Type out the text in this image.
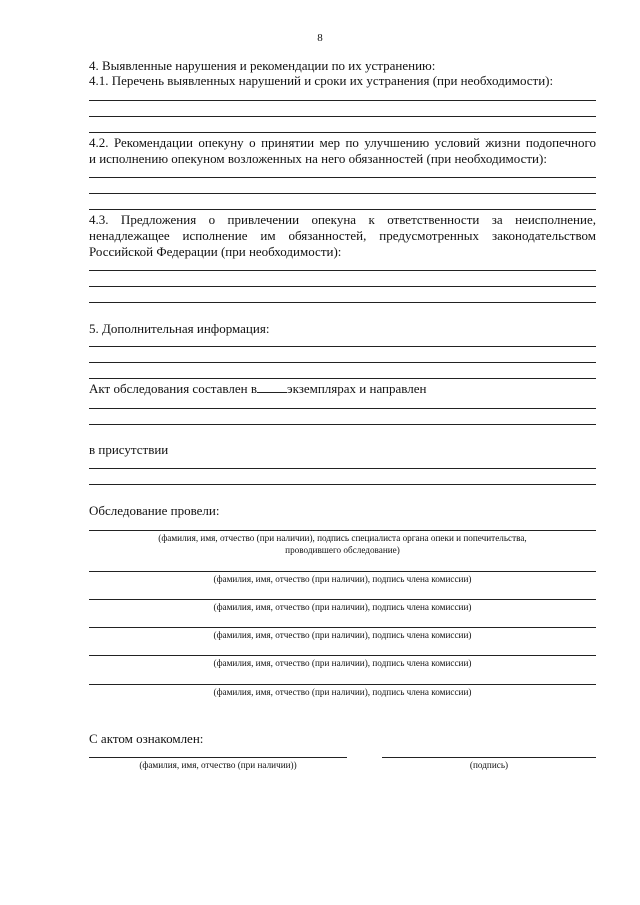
8
4. Выявленные нарушения и рекомендации по их устранению:
4.1. Перечень выявленных нарушений и сроки их устранения (при необходимости):
4.2. Рекомендации опекуну о принятии мер по улучшению условий жизни подопечного
и исполнению опекуном возложенных на него обязанностей (при необходимости):
4.3. Предложения о привлечении опекуна к ответственности за неисполнение,
ненадлежащее исполнение им обязанностей, предусмотренных законодательством
Российской Федерации (при необходимости):
5. Дополнительная информация:
Акт обследования составлен в экземплярах и направлен
в присутствии
Обследование провели:
(фамилия, имя, отчество (при наличии), подпись специалиста органа опеки и попечительства,
проводившего обследование)
(фамилия, имя, отчество (при наличии), подпись члена комиссии)
(фамилия, имя, отчество (при наличии), подпись члена комиссии)
(фамилия, имя, отчество (при наличии), подпись члена комиссии)
(фамилия, имя, отчество (при наличии), подпись члена комиссии)
(фамилия, имя, отчество (при наличии), подпись члена комиссии)
С актом ознакомлен:
(фамилия, имя, отчество (при наличии))	(подпись)
